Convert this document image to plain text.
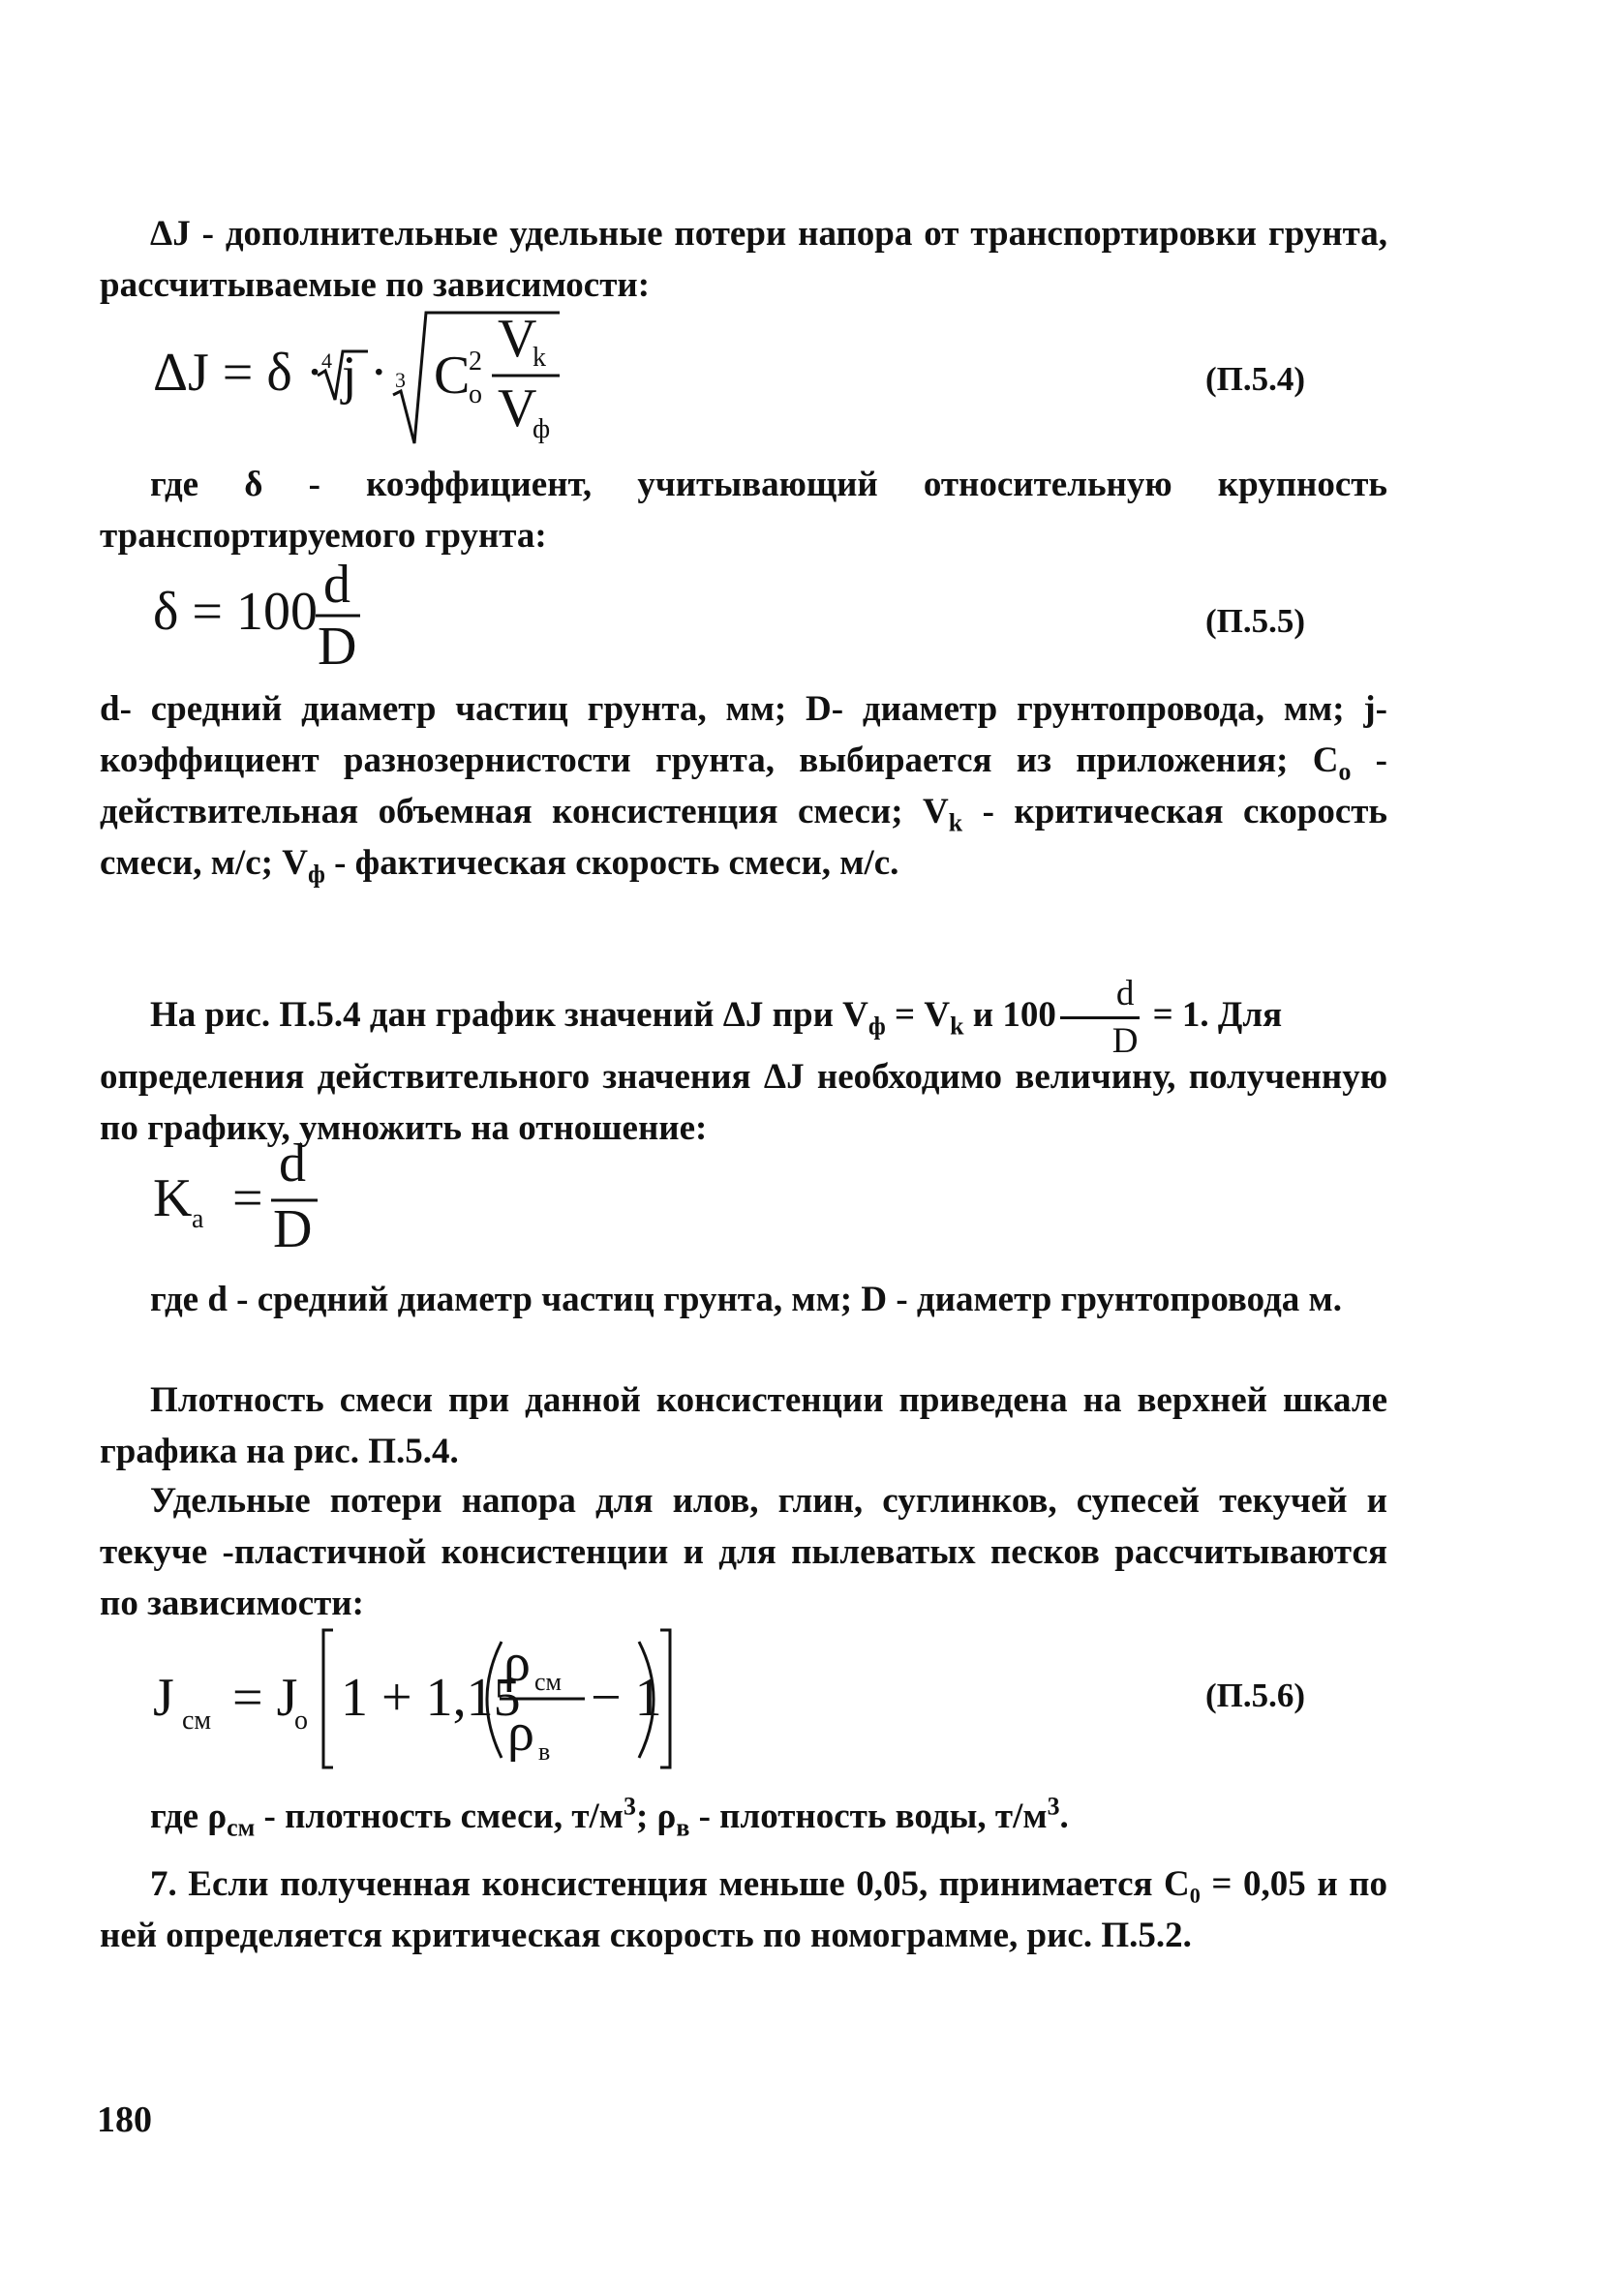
ΔJ - дополнительные удельные потери напора от транспортировки грунта, рассчитываемые по зависимости:
ΔJ = δ ·
4 j · 3 C
2
o
V
k
V
ф
(П.5.4)
где δ - коэффициент, учитывающий относительную крупность транспортируемого грунта:
δ = 100 d
D	(П.5.5)
d- средний диаметр частиц грунта, мм; D- диаметр грунтопровода, мм; j- коэффициент разнозернистости грунта, выбирается из приложения; $C_o$ - действительная объемная консистенция смеси; $V_k$ - критическая скорость смеси, м/с; $V_ф$ - фактическая скорость смеси, м/с.
На рис. П.5.4 дан график значений ΔJ при $V_ф = V_k$ и $100 \frac{d}{D} = 1$. Для
определения действительного значения ΔJ необходимо величину, полученную по графику, умножить на отношение:
K a =
d
D
где d - средний диаметр частиц грунта, мм; D - диаметр грунтопровода м.
Плотность смеси при данной консистенции приведена на верхней шкале графика на рис. П.5.4.
Удельные потери напора для илов, глин, суглинков, супесей текучей и текуче -пластичной консистенции и для пылеватых песков рассчитываются по зависимости:
J см = J
o 1 + 1,15
ρ см
ρ в
− 1	(П.5.6)
где $\rho_{см}$ - плотность смеси, $т/м^3$; $\rho_в$ - плотность воды, $т/м^3$.
7. Если полученная консистенция меньше 0,05, принимается C₀ = 0,05 и по ней определяется критическая скорость по номограмме, рис. П.5.2.
180
